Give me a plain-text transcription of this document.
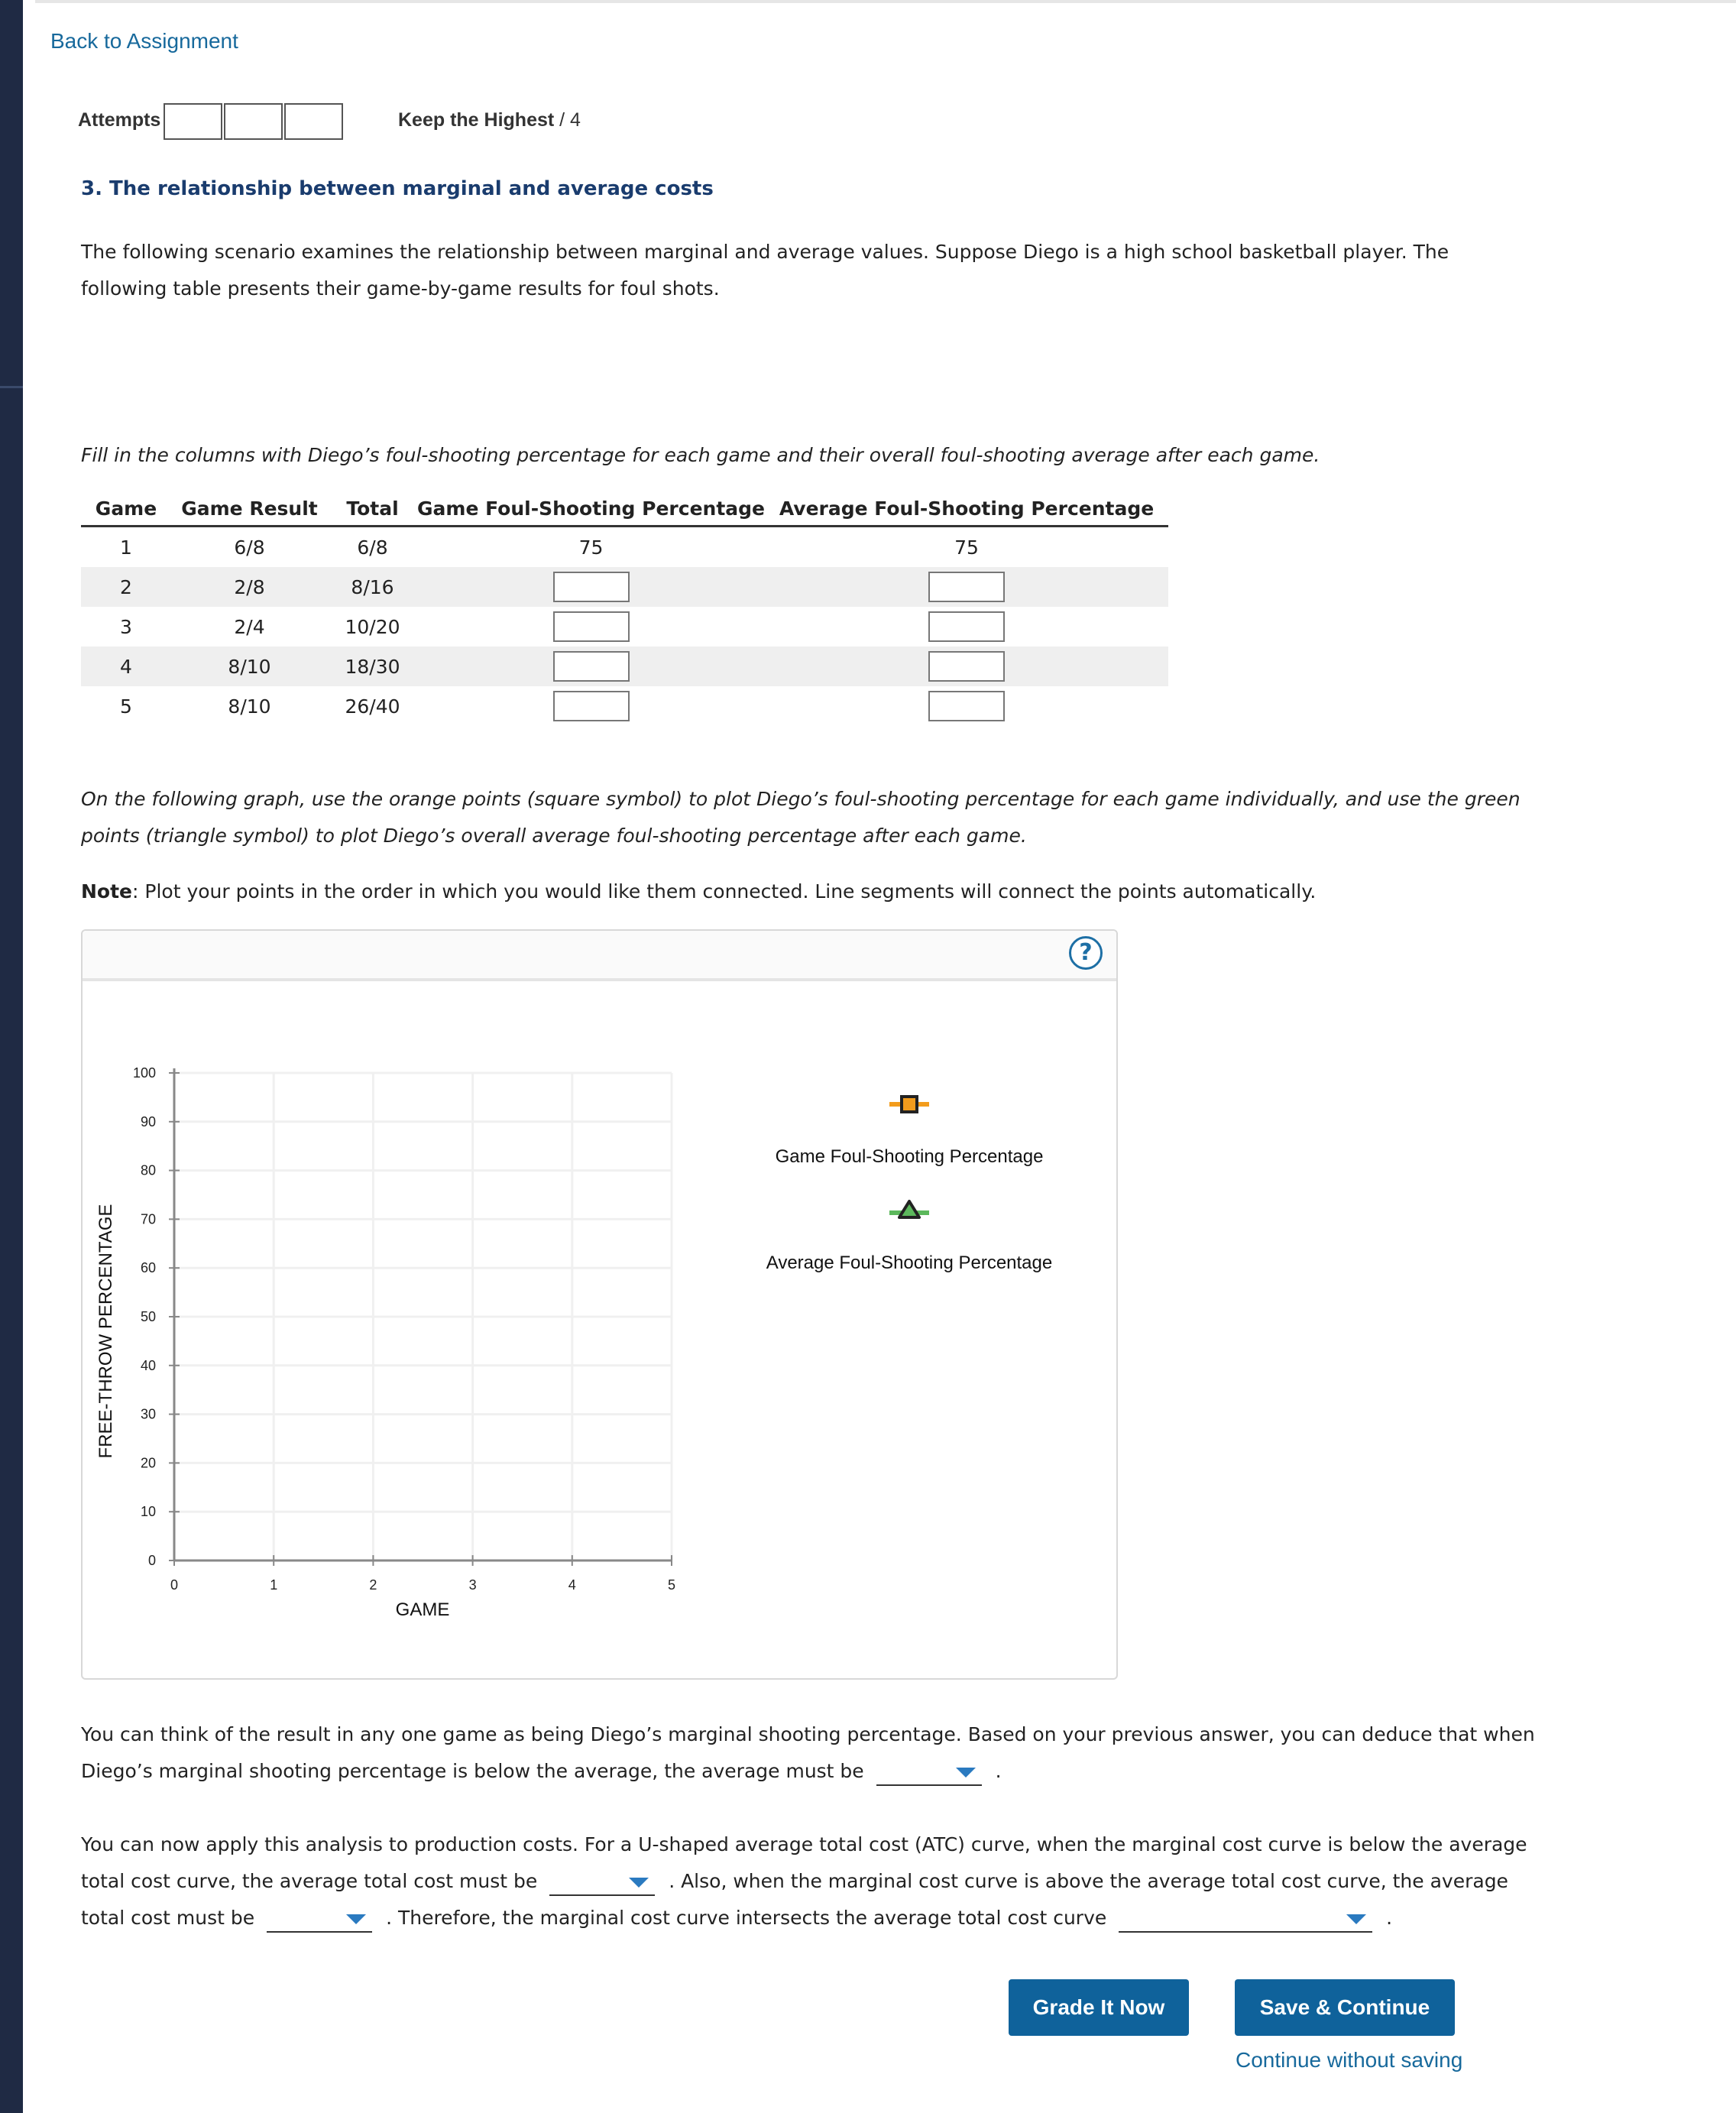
Back to Assignment
Attempts	Keep the Highest / 4
3. The relationship between marginal and average costs
The following scenario examines the relationship between marginal and average values. Suppose Diego is a high school basketball player. The
following table presents their game-by-game results for foul shots.
Fill in the columns with Diego’s foul-shooting percentage for each game and their overall foul-shooting average after each game.
Game	Game Result	Total	Game Foul-Shooting Percentage	Average Foul-Shooting Percentage
1	6/8	6/8	75	75
2	2/8	8/16		
3	2/4	10/20		
4	8/10	18/30		
5	8/10	26/40		
On the following graph, use the orange points (square symbol) to plot Diego’s foul-shooting percentage for each game individually, and use the green
points (triangle symbol) to plot Diego’s overall average foul-shooting percentage after each game.
Note: Plot your points in the order in which you would like them connected. Line segments will connect the points automatically.
?
0
10
20
30
40
50
60
70
80
90
100
0	1	2	3	4	5
GAME
FREE-THROW PERCENTAGE
Game Foul-Shooting Percentage
Average Foul-Shooting Percentage
You can think of the result in any one game as being Diego’s marginal shooting percentage. Based on your previous answer, you can deduce that when
Diego’s marginal shooting percentage is below the average, the average must be	.
You can now apply this analysis to production costs. For a U-shaped average total cost (ATC) curve, when the marginal cost curve is below the average
total cost curve, the average total cost must be	. Also, when the marginal cost curve is above the average total cost curve, the average
total cost must be	. Therefore, the marginal cost curve intersects the average total cost curve	.
Grade It Now	Save & Continue
Continue without saving
